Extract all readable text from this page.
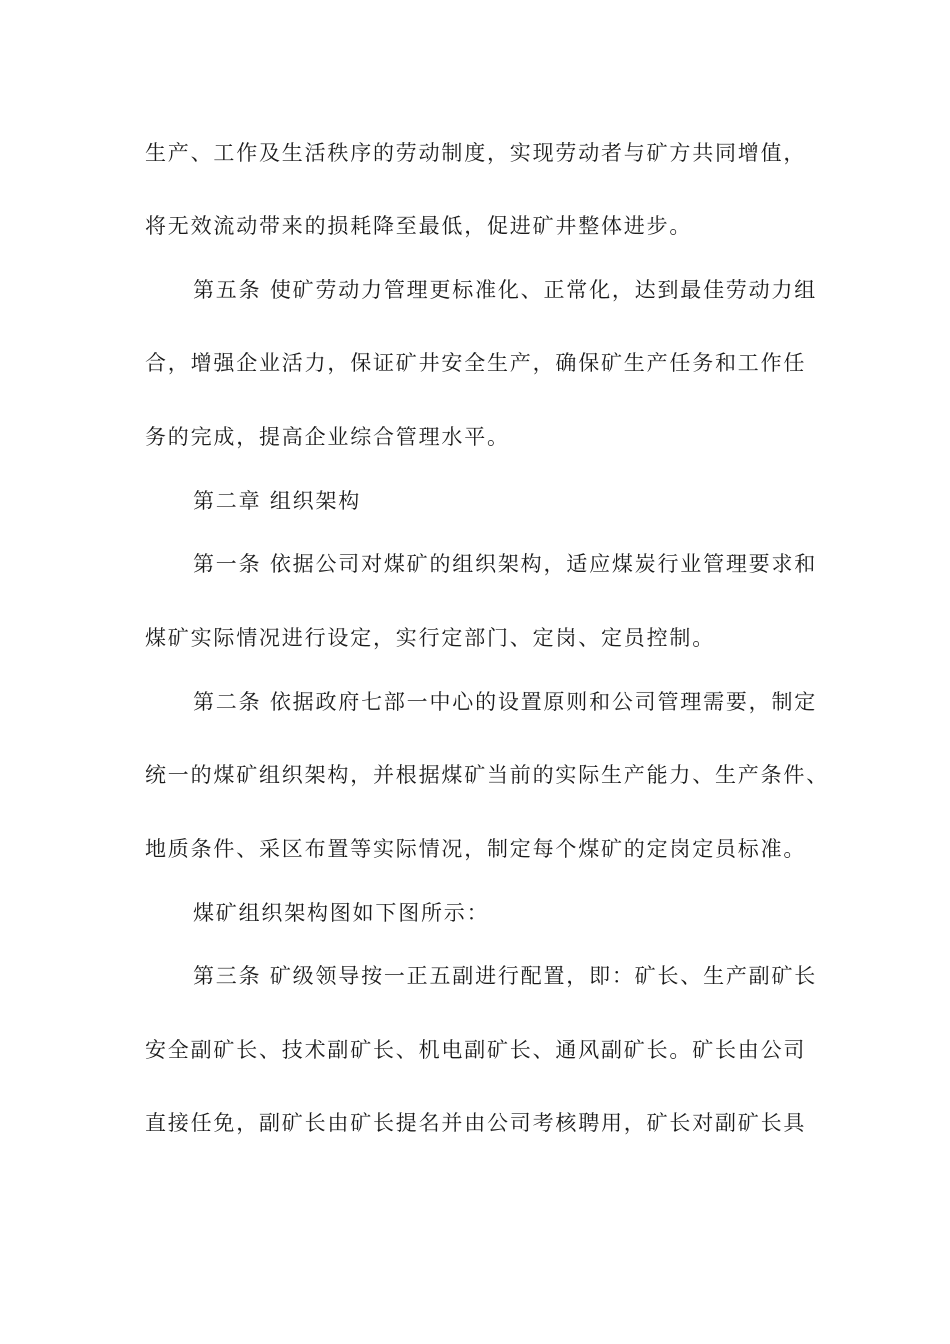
生产、工作及生活秩序的劳动制度，实现劳动者与矿方共同增值，
将无效流动带来的损耗降至最低，促进矿井整体进步。
第五条 使矿劳动力管理更标准化、正常化，达到最佳劳动力组
合，增强企业活力，保证矿井安全生产，确保矿生产任务和工作任
务的完成，提高企业综合管理水平。
第二章 组织架构
第一条 依据公司对煤矿的组织架构，适应煤炭行业管理要求和
煤矿实际情况进行设定，实行定部门、定岗、定员控制。
第二条 依据政府七部一中心的设置原则和公司管理需要，制定
统一的煤矿组织架构，并根据煤矿当前的实际生产能力、生产条件、
地质条件、采区布置等实际情况，制定每个煤矿的定岗定员标准。
煤矿组织架构图如下图所示：
第三条 矿级领导按一正五副进行配置，即：矿长、生产副矿长
安全副矿长、技术副矿长、机电副矿长、通风副矿长。矿长由公司
直接任免，副矿长由矿长提名并由公司考核聘用，矿长对副矿长具
